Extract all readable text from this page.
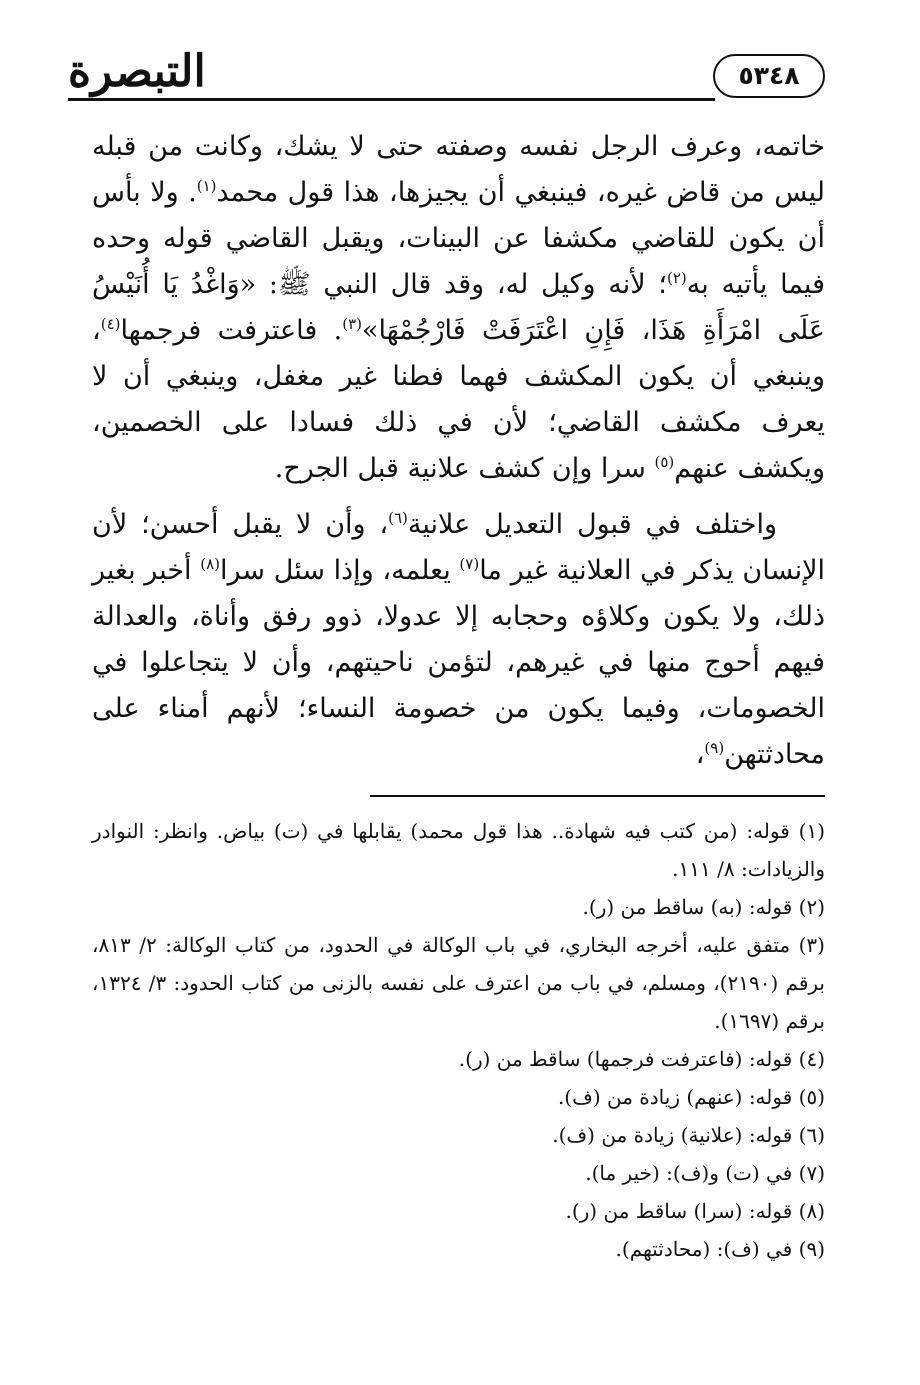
٥٣٤٨
التبصرة

خاتمه، وعرف الرجل نفسه وصفته حتى لا يشك، وكانت من قبله ليس من قاض غيره، فينبغي أن يجيزها، هذا قول محمد$^{(١)}$. ولا بأس أن يكون للقاضي مكشفا عن البينات، ويقبل القاضي قوله وحده فيما يأتيه به$^{(٢)}$؛ لأنه وكيل له، وقد قال النبي ﷺ: «وَاغْدُ يَا أُنَيْسُ عَلَى امْرَأَةِ هَذَا، فَإِنِ اعْتَرَفَتْ فَارْجُمْهَا»$^{(٣)}$. فاعترفت فرجمها$^{(٤)}$، وينبغي أن يكون المكشف فهما فطنا غير مغفل، وينبغي أن لا يعرف مكشف القاضي؛ لأن في ذلك فسادا على الخصمين، ويكشف عنهم$^{(٥)}$ سرا وإن كشف علانية قبل الجرح.

واختلف في قبول التعديل علانية$^{(٦)}$، وأن لا يقبل أحسن؛ لأن الإنسان يذكر في العلانية غير ما$^{(٧)}$ يعلمه، وإذا سئل سرا$^{(٨)}$ أخبر بغير ذلك، ولا يكون وكلاؤه وحجابه إلا عدولا، ذوو رفق وأناة، والعدالة فيهم أحوج منها في غيرهم، لتؤمن ناحيتهم، وأن لا يتجاعلوا في الخصومات، وفيما يكون من خصومة النساء؛ لأنهم أمناء على محادثتهن$^{(٩)}$،

(١) قوله: (من كتب فيه شهادة.. هذا قول محمد) يقابلها في (ت) بياض. وانظر: النوادر والزيادات: ٨/ ١١١.

(٢) قوله: (به) ساقط من (ر).

(٣) متفق عليه، أخرجه البخاري، في باب الوكالة في الحدود، من كتاب الوكالة: ٢/ ٨١٣، برقم (٢١٩٠)، ومسلم، في باب من اعترف على نفسه بالزنى من كتاب الحدود: ٣/ ١٣٢٤، برقم (١٦٩٧).

(٤) قوله: (فاعترفت فرجمها) ساقط من (ر).

(٥) قوله: (عنهم) زيادة من (ف).

(٦) قوله: (علانية) زيادة من (ف).

(٧) في (ت) و(ف): (خير ما).

(٨) قوله: (سرا) ساقط من (ر).

(٩) في (ف): (محادثتهم).
